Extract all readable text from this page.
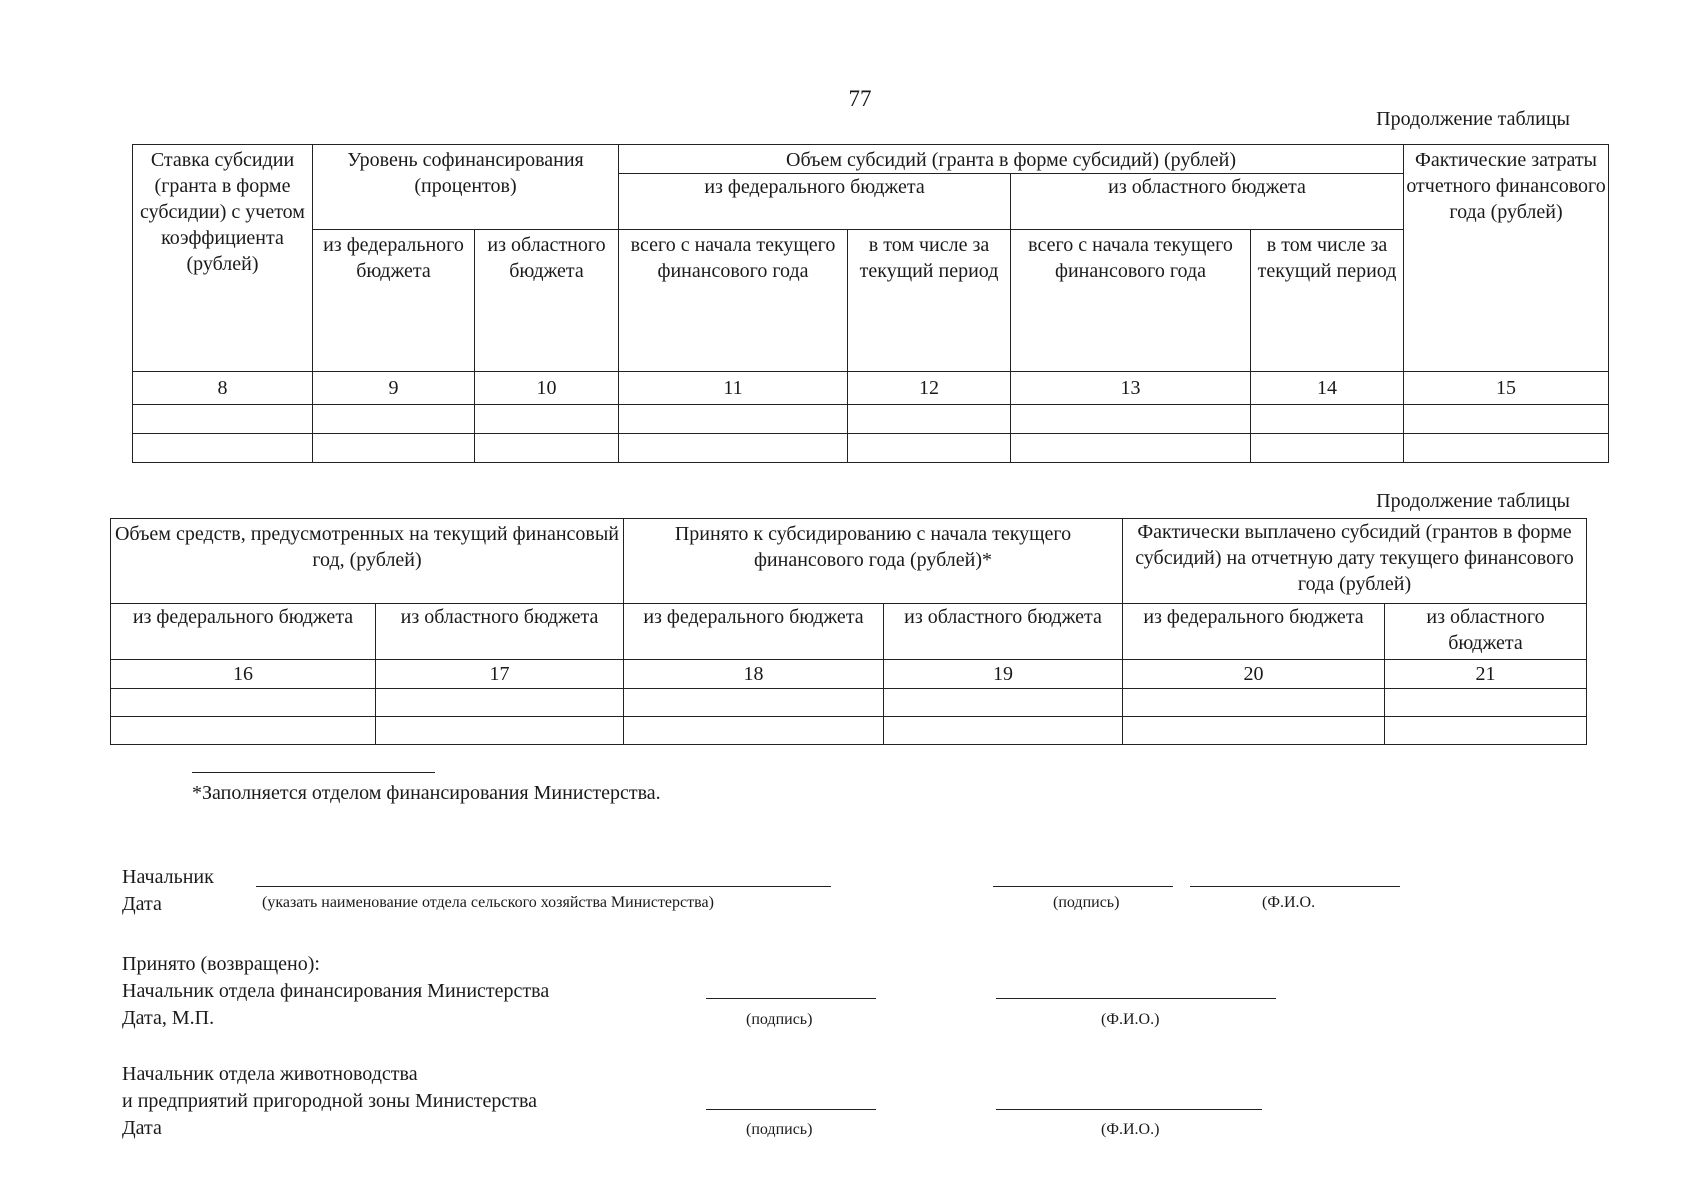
77
Продолжение таблицы
Ставка субсидии (гранта в форме субсидии) с учетом коэффициента (рублей)	Уровень софинансирования (процентов)		Объем субсидий (гранта в форме субсидий) (рублей)				Фактические затраты отчетного финансового года (рублей)
			из федерального бюджета		из областного бюджета		
	из федерального бюджета	из областного бюджета	всего с начала текущего финансового года	в том числе за текущий период	всего с начала текущего финансового года	в том числе за текущий период	
8	9	10	11	12	13	14	15

Продолжение таблицы
Объем средств, предусмотренных на текущий финансовый год, (рублей)		Принято к субсидированию с начала текущего финансового года (рублей)*		Фактически выплачено субсидий (грантов в форме субсидий) на отчетную дату текущего финансового года (рублей)	
из федерального бюджета	из областного бюджета	из федерального бюджета	из областного бюджета	из федерального бюджета	из областного бюджета
16	17	18	19	20	21

*Заполняется отделом финансирования Министерства.
Начальник
Дата	(указать наименование отдела сельского хозяйства Министерства)	(подпись)	(Ф.И.О.
Принято (возвращено):
Начальник отдела финансирования Министерства
Дата, М.П.	(подпись)	(Ф.И.О.)
Начальник отдела животноводства
и предприятий пригородной зоны Министерства
Дата	(подпись)	(Ф.И.О.)
